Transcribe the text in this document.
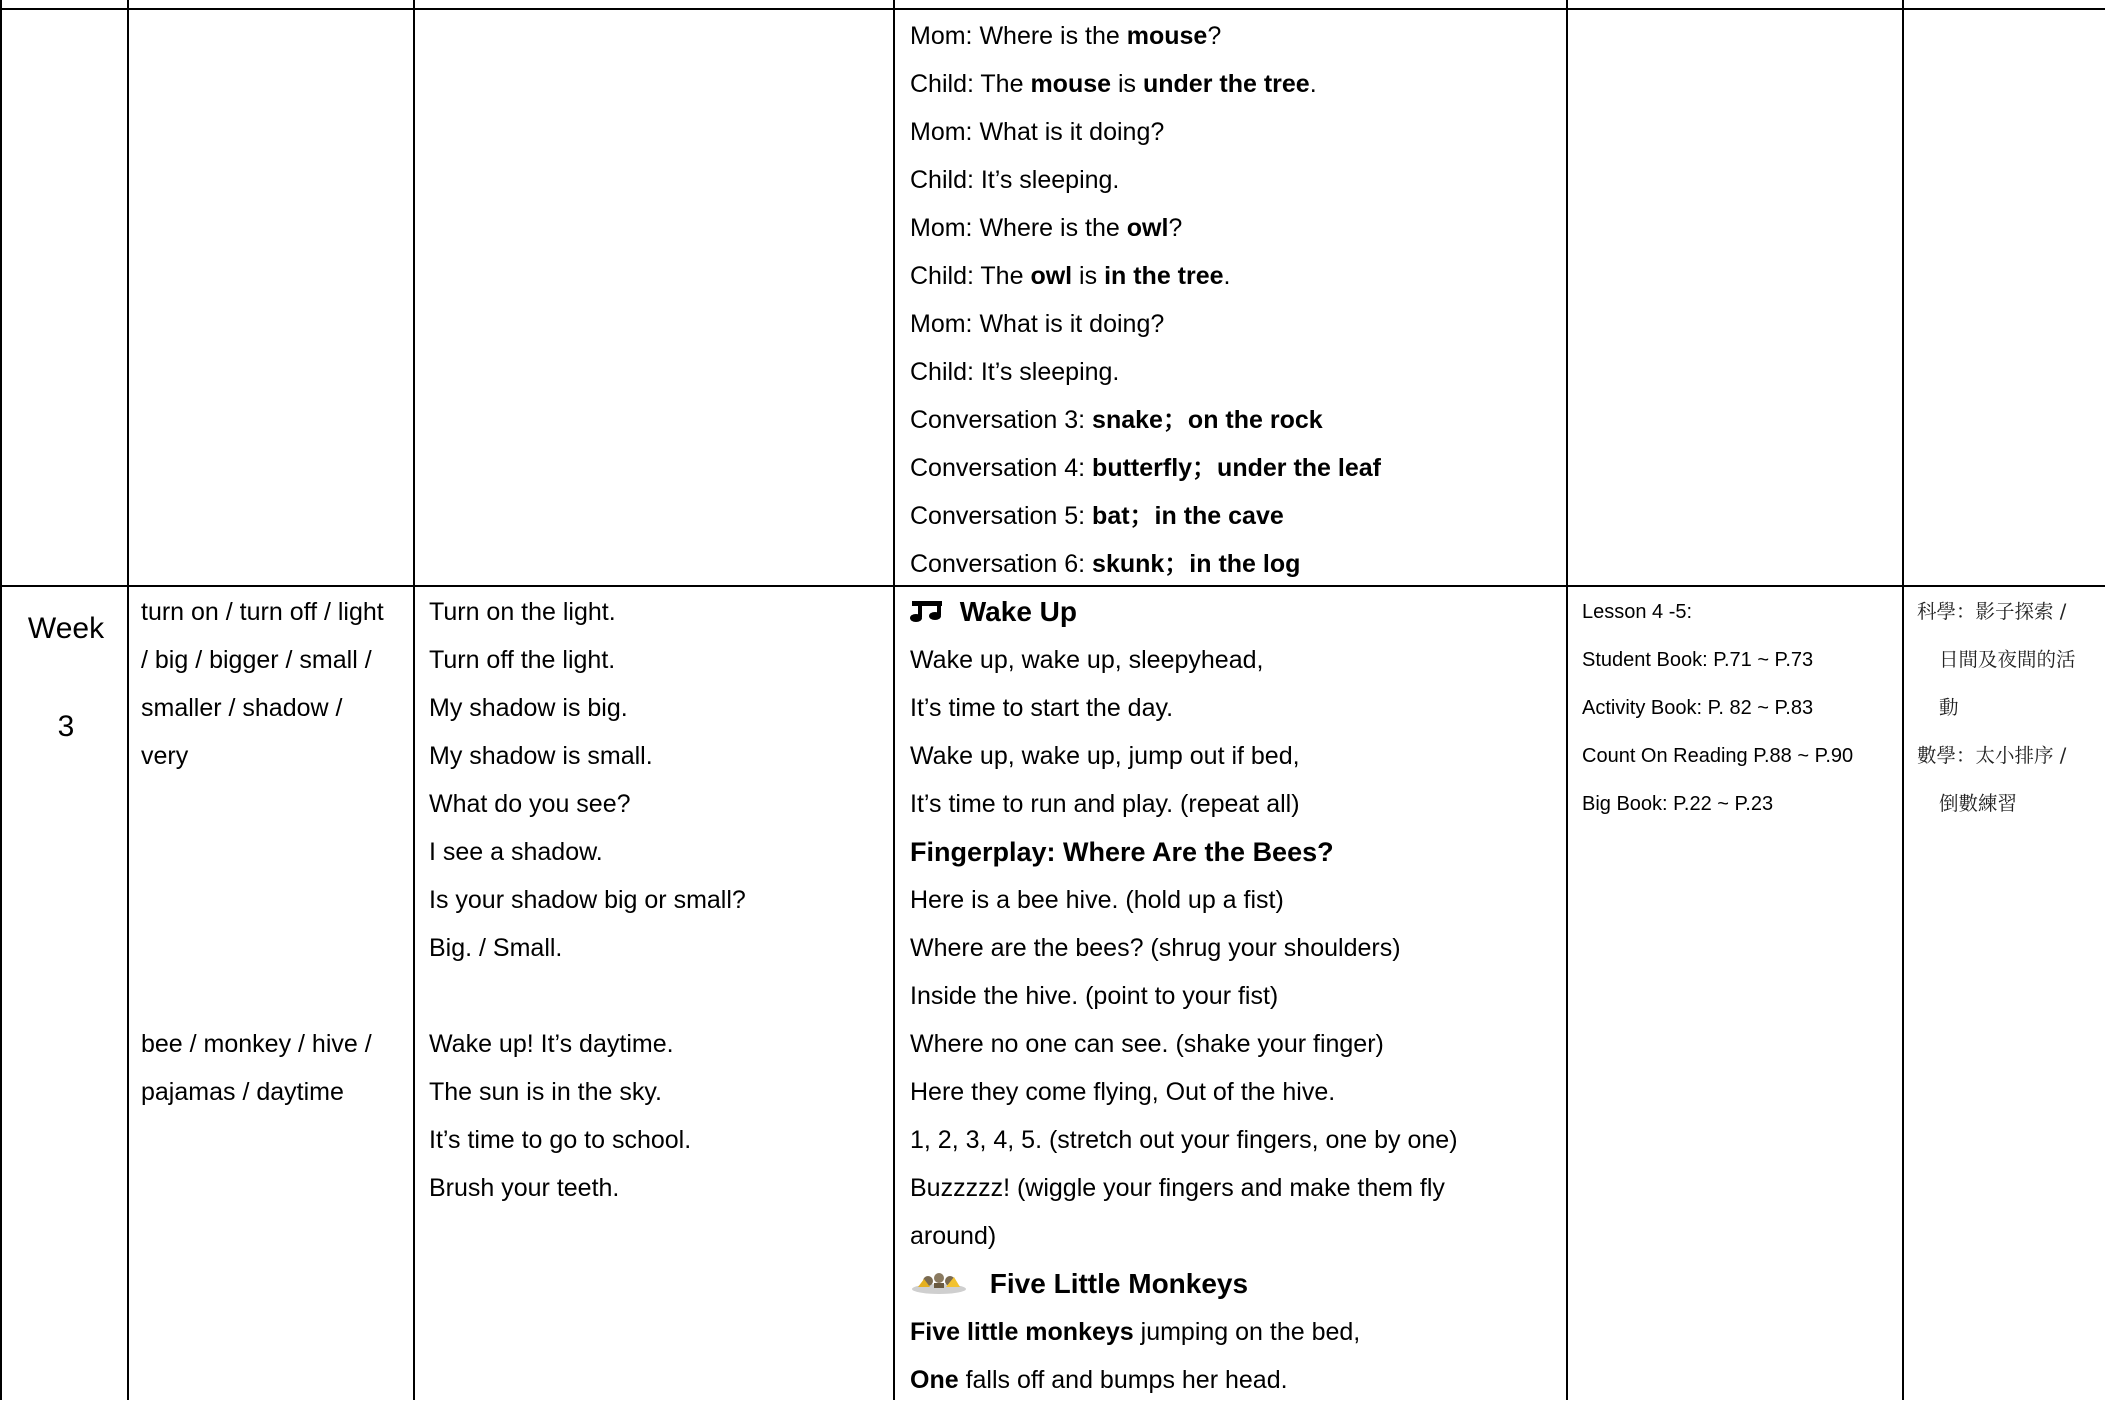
Mom: Where is the mouse?
Child: The mouse is under the tree.
Mom: What is it doing?
Child: It’s sleeping.
Mom: Where is the owl?
Child: The owl is in the tree.
Mom: What is it doing?
Child: It’s sleeping.
Conversation 3: snake；on the rock
Conversation 4: butterfly；under the leaf
Conversation 5: bat；in the cave
Conversation 6: skunk；in the log
Week
3
turn on / turn off / light
/ big / bigger / small /
smaller / shadow /
very
bee / monkey / hive /
pajamas / daytime
Turn on the light.
Turn off the light.
My shadow is big.
My shadow is small.
What do you see?
I see a shadow.
Is your shadow big or small?
Big. / Small.
Wake up! It’s daytime.
The sun is in the sky.
It’s time to go to school.
Brush your teeth.
Wake Up
Wake up, wake up, sleepyhead,
It’s time to start the day.
Wake up, wake up, jump out if bed,
It’s time to run and play. (repeat all)
Fingerplay: Where Are the Bees?
Here is a bee hive. (hold up a fist)
Where are the bees? (shrug your shoulders)
Inside the hive. (point to your fist)
Where no one can see. (shake your finger)
Here they come flying, Out of the hive.
1, 2, 3, 4, 5. (stretch out your fingers, one by one)
Buzzzzz! (wiggle your fingers and make them fly
around)
Five Little Monkeys
Five little monkeys jumping on the bed,
One falls off and bumps her head.
Lesson 4 -5:
Student Book: P.71 ~ P.73
Activity Book: P. 82 ~ P.83
Count On Reading P.88 ~ P.90
Big Book: P.22 ~ P.23
科學：影子探索 /
日間及夜間的活
動
數學：太小排序 /
倒數練習
